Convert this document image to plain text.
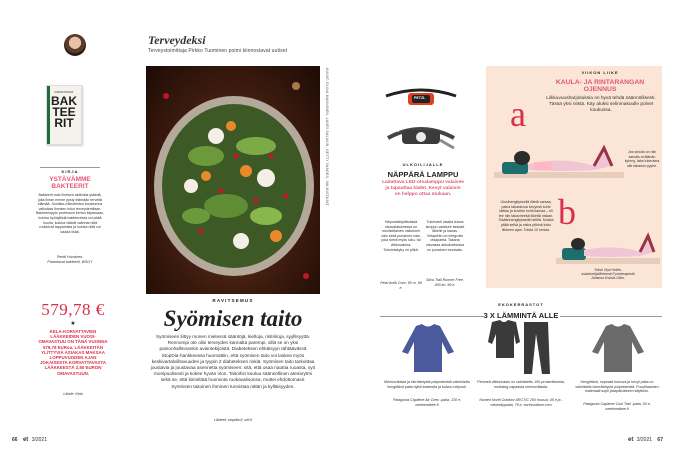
Terveydeksi
Terveystoimittaja Pirkko Tuominen poimi kiinnostavat uutiset
PARANTAVAT
BAK
TEE
RIT
KIRJA
YSTÄVÄMME
BAKTEERIT
Bakteerit ovat ihmisen aktiivisia ystäviä, joita ilman emme pysty elämään terveitä elämää. Suolisto-mikrobiston koostumus vaikuttaa ihmisen koko terveydentilaan. Bakteerioppin professori kertoo kirjassaan, kuinka hyödyllisiä bakteereista voi pitää huolta, kuinka väärät valinnat niitä ruokkivat tappamista ja kuinka niitä voi saada lisää.
Pentti Huovinen:
Parantavat bakteerit, WSOY
579,78 €
★
KELA-KORVATTAVIEN LÄÄKKEIDEN VUOSI-OMAVASTUU ON TÄNÄ VUONNA 579,78 EURoa. LÄÄKKEITÄN YLITTYVIÄ ASIAKAS MAKSAA LOPPUVUODEN AJAN JOKAISESTA KORVATTAVASTA LÄÄKKEESTÄ 2,50 EURON OMAVASTUUN.
Lähde: Kela
KUVAT: ELINA MANNINEN, LAURI SALAVIN, GETTY IMAGES, VALMISTAJAT
RAVITSEMUS
Syömisen taito
Syömiseen liittyy monen mielessä sääntöjä, kieltoja, ristiriitoja, syyllisyyttä. Rennompi ote olisi terveyden kannalta parempi, sillä se on yksi painonhallinnankin avaintekijöistä. Diabeteksen ehkäisyyn tähtäävässä StopDia-hankkeessa huomattiin, että syömisen taito voi laskea myös keskivartalolihavuuden ja tyypin 2 diabeteksen riskiä. Syömisen taito tarkoittaa joustavia ja joustavaa asennetta syömiseen: sitä, että osaa nauttia ruoasta, syö monipuolisesti ja kokee hyvän olon. Taitoihin kuuluu säännöllinen ateriarytmi sekä se, että kiinnittää huomiota ruokavalioonsa, muttei ehdottomasti. Syömisen taitoinen ihminen tunnistaa nälän ja kylläisyyden.
Lähteet: stopdia.fi, uef.fi
PETZL
SILVA
ULKOILIJALLE
NÄPPÄRÄ LAMPPU
Ladattava LED-otsalamppu valaisee ja tapauttaa kädet. Kevyt valaisin on helppo ottaa mukaan.
Helposäädyttävässä otsavalaisimessa on monikeilainen valkoinen valo sekä punainen valo, joka toimii myös luku- tai viikkovalona. Toimintakyky on pitkä.
Petzl Actik Core, 60 m, 99 e.
Tukevasti otsalla istuva lamppu valaisee tarkasti lähelle ja kauas. Virtapiiriin on integroitu otsapanta. Takana olevassa akkukotelossa on punainen turvavalo.
Silva Trail Runner Free, 400 lm, 99 e.
VIIKON LIIKE
KAULA- JA RINTARANGAN
OJENNUS
Liikkuvuusharjoituksia on hyvä tehdä säännöllisesti. Tässä yksi niistä. Käy aluksi selinmakuulle polvet koukussa.
a
Jos sinulla on niin sanottu erälänän kyhmy, laita tukeraina ulle takaisin pyyhe.
b
Ulosihengityksellä liitetä varsaa, paina takaraivoa kevyesti kohti lattiaa ja kuvitse kohti kaulaa – eli tee niin takavireekä liikettä niskan. Sisäänhengitykaellä hellitä. Muista pitää selkä ja niska pitkinä koko liikkeen ajan. Toista 10 kertaa.
Teksti Virpi Hellén,
asiantuntijalähteenä Fysioterapeutti
Johanna Eskola-Olkio.
EKOKERRASTOT
3 X LÄMMINTÄ ALLE
Merinovillasta ja kierrätetystä polyesteristä valmistettu hengittävä paita hylkii kosteutta ja kuivuu helposti.
Patagonia Capilene Air Crew -paita, 130 e, weekendbee.fi
Pehmeä välikerrasto on valmistettu 100-prosenttisesta, mulesing-vapaasta merinovillasta.
Nooten North Outdoor ARCTIC 260 housut, 45 e ja -vetoketjupaita, 75 e, northoutdoor.com
Hengittävä, nopeasti kuivuva ja kevyt paita on valmistettu kierrätetystä polyesteristä. Puuvillaamien materiaali sopii jokapäiväiseen käyttöön.
Patagonia Capilene Cool Trail -paita, 50 e, weekendbee.fi
66 et 3/2021	et 3/2021 67
